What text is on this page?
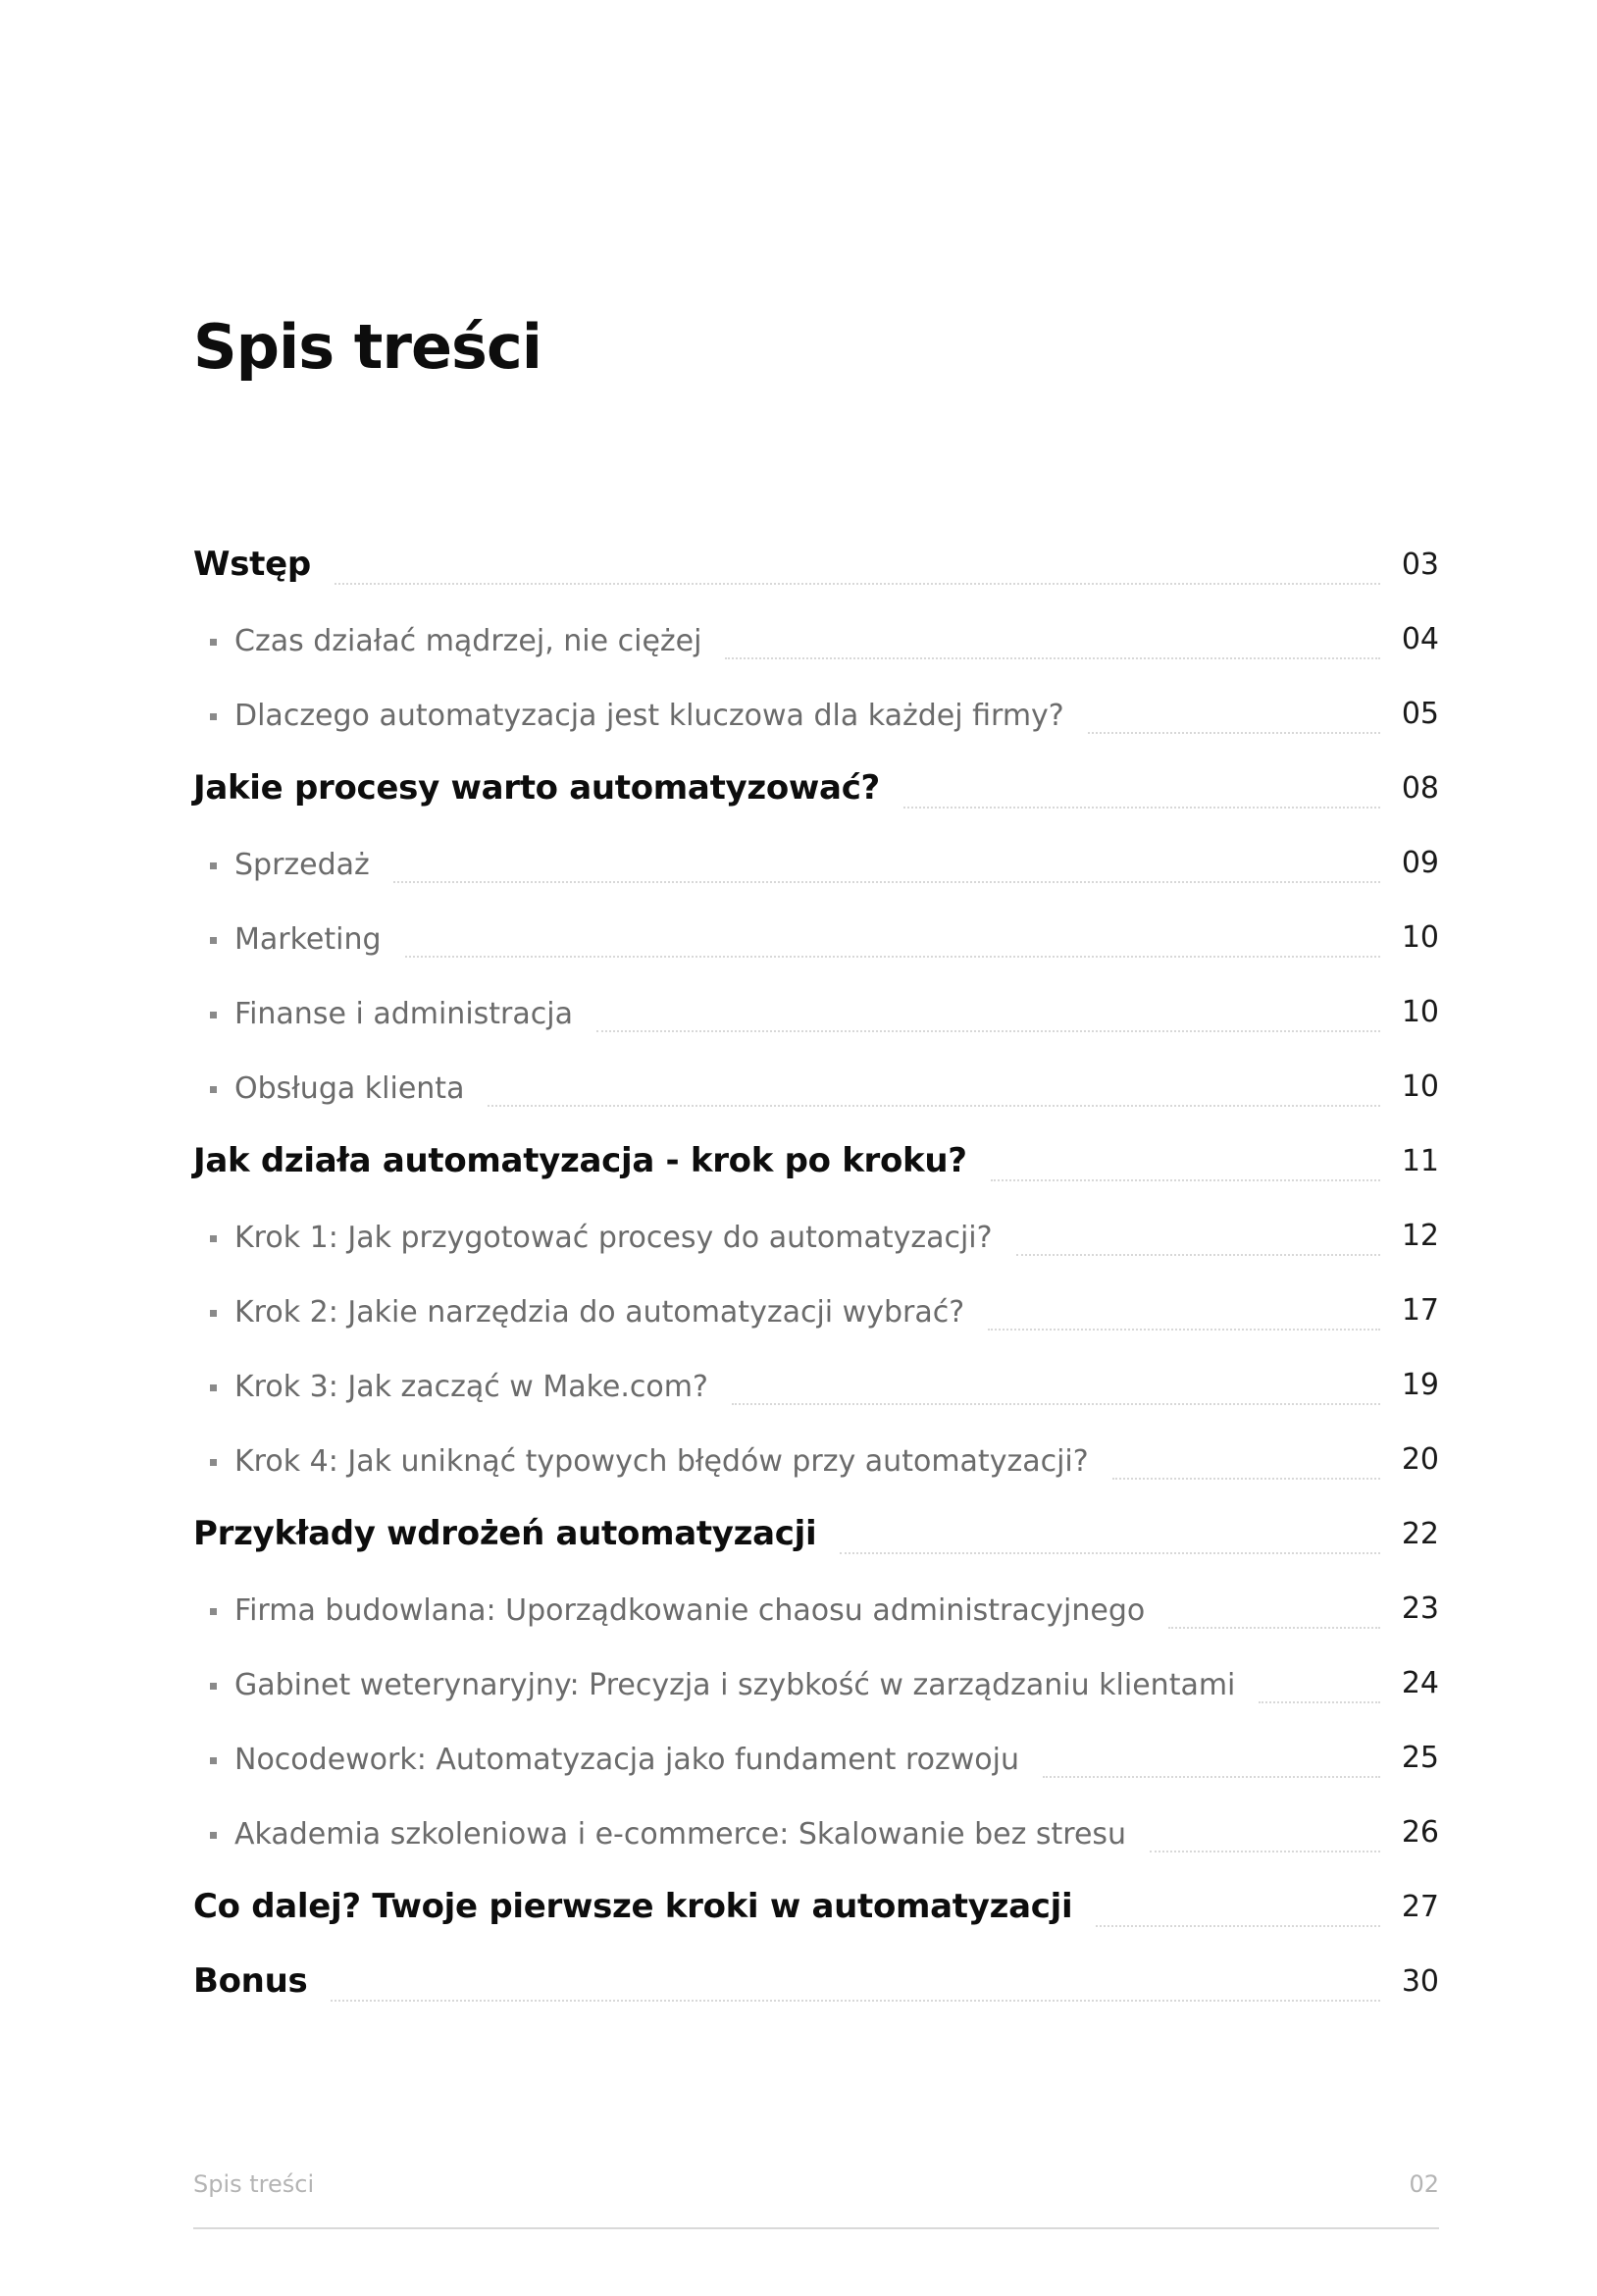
Spis treści
Wstęp	03
Czas działać mądrzej, nie ciężej	04
Dlaczego automatyzacja jest kluczowa dla każdej firmy?	05
Jakie procesy warto automatyzować?	08
Sprzedaż	09
Marketing	10
Finanse i administracja	10
Obsługa klienta	10
Jak działa automatyzacja - krok po kroku?	11
Krok 1: Jak przygotować procesy do automatyzacji?	12
Krok 2: Jakie narzędzia do automatyzacji wybrać?	17
Krok 3: Jak zacząć w Make.com?	19
Krok 4: Jak uniknąć typowych błędów przy automatyzacji?	20
Przykłady wdrożeń automatyzacji	22
Firma budowlana: Uporządkowanie chaosu administracyjnego	23
Gabinet weterynaryjny: Precyzja i szybkość w zarządzaniu klientami	24
Nocodework: Automatyzacja jako fundament rozwoju	25
Akademia szkoleniowa i e-commerce: Skalowanie bez stresu	26
Co dalej? Twoje pierwsze kroki w automatyzacji	27
Bonus	30
Spis treści	02
